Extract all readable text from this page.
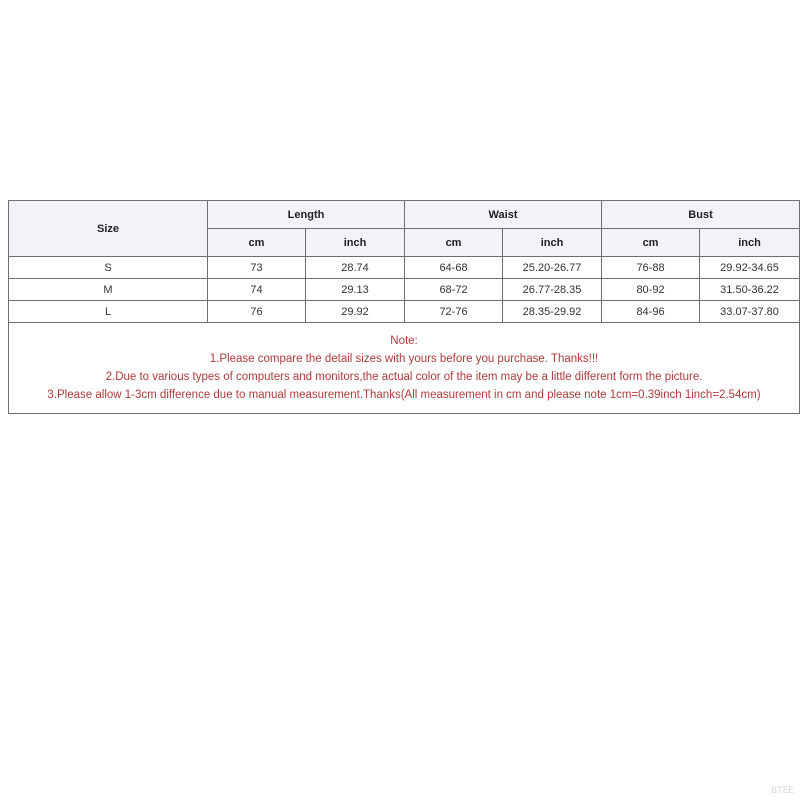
Size	Length		Waist		Bust	
	cm	inch	cm	inch	cm	inch
S	73	28.74	64-68	25.20-26.77	76-88	29.92-34.65
M	74	29.13	68-72	26.77-28.35	80-92	31.50-36.22
L	76	29.92	72-76	28.35-29.92	84-96	33.07-37.80

Note:
1.Please compare the detail sizes with yours before you purchase. Thanks!!!
2.Due to various types of computers and monitors,the actual color of the item may be a little different form the picture.
3.Please allow 1-3cm difference due to manual measurement.Thanks(All measurement in cm and please note 1cm=0.39inch 1inch=2.54cm)						
BTEE
